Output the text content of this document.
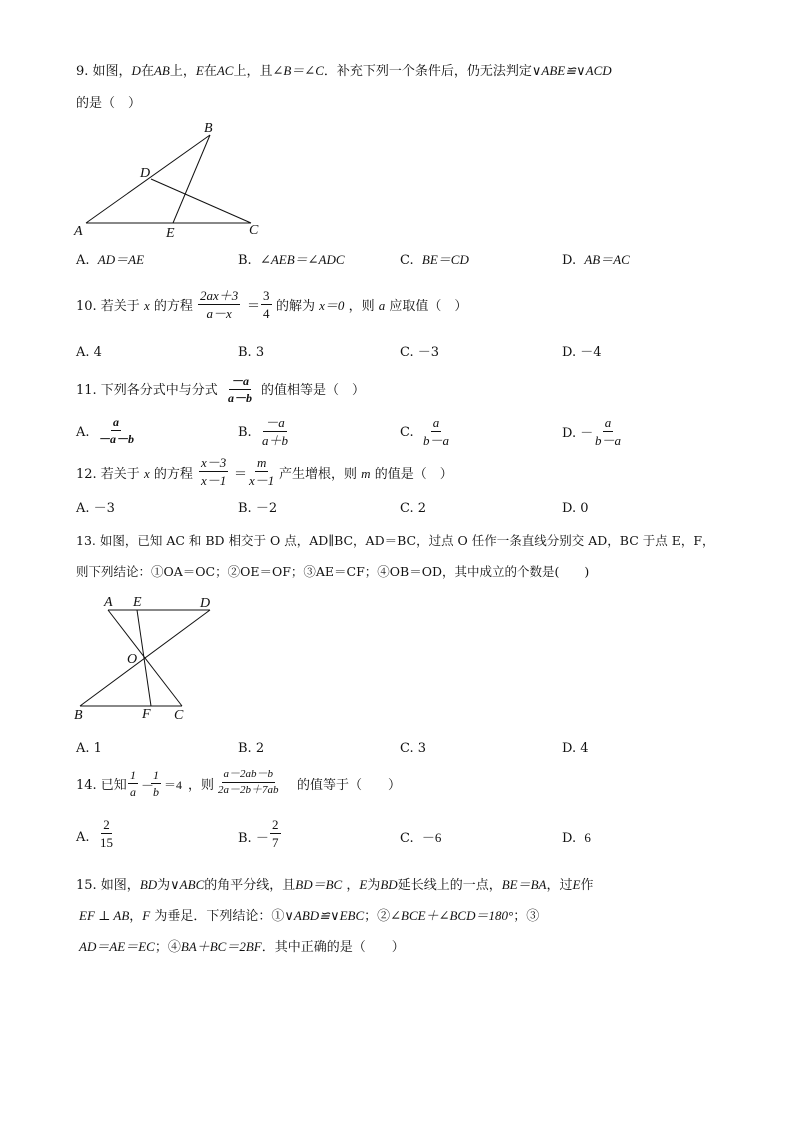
9. 如图，D在AB上，E在AC上，且∠B＝∠C．补充下列一个条件后，仍无法判定∨ABE≌∨ACD
的是（　）
B
D
A	E	C
A. AD＝AE	B. ∠AEB＝∠ADC	C. BE＝CD	D. AB＝AC
10. 若关于 x 的方程 $\frac{2ax+3}{a-x} = \frac{3}{4}$ 的解为 x＝0 ，则 a 应取值（　）
A. 4	B. 3	C. －3	D. －4
11. 下列各分式中与分式 $\frac{-a}{a-b}$ 的值相等是（　）
A. $\frac{a}{-a-b}$	B. $\frac{-a}{a+b}$	C. $\frac{a}{b-a}$	D. － $\frac{a}{b-a}$
12. 若关于 x 的方程 $\frac{x-3}{x-1} = \frac{m}{x-1}$ 产生增根，则 m 的值是（　）
A. －3	B. －2	C. 2	D. 0
13. 如图，已知 AC 和 BD 相交于 O 点，AD∥BC，AD＝BC，过点 O 任作一条直线分别交 AD，BC 于点 E，F，
则下列结论：①OA＝OC；②OE＝OF；③AE＝CF；④OB＝OD，其中成立的个数是(　　)
A E	D
O
B	F C
A. 1	B. 2	C. 3	D. 4
14. 已知 $\frac{1}{a}$ －
$\frac{1}{b} =4$ ，则 $\frac{a-2ab-b}{2a-2b+7ab}$ 的值等于（　　）
A. $\frac{2}{15}$	B. － $\frac{2}{7}$	C. －6	D. 6
15. 如图，BD为∨ABC的角平分线，且BD＝BC ，E为BD延长线上的一点，BE＝BA，过E作
EF ⊥ AB，F 为垂足．下列结论：①∨ABD≌∨EBC；②∠BCE＋∠BCD＝180°；③
AD＝AE＝EC；④BA＋BC＝2BF．其中正确的是（　　）
